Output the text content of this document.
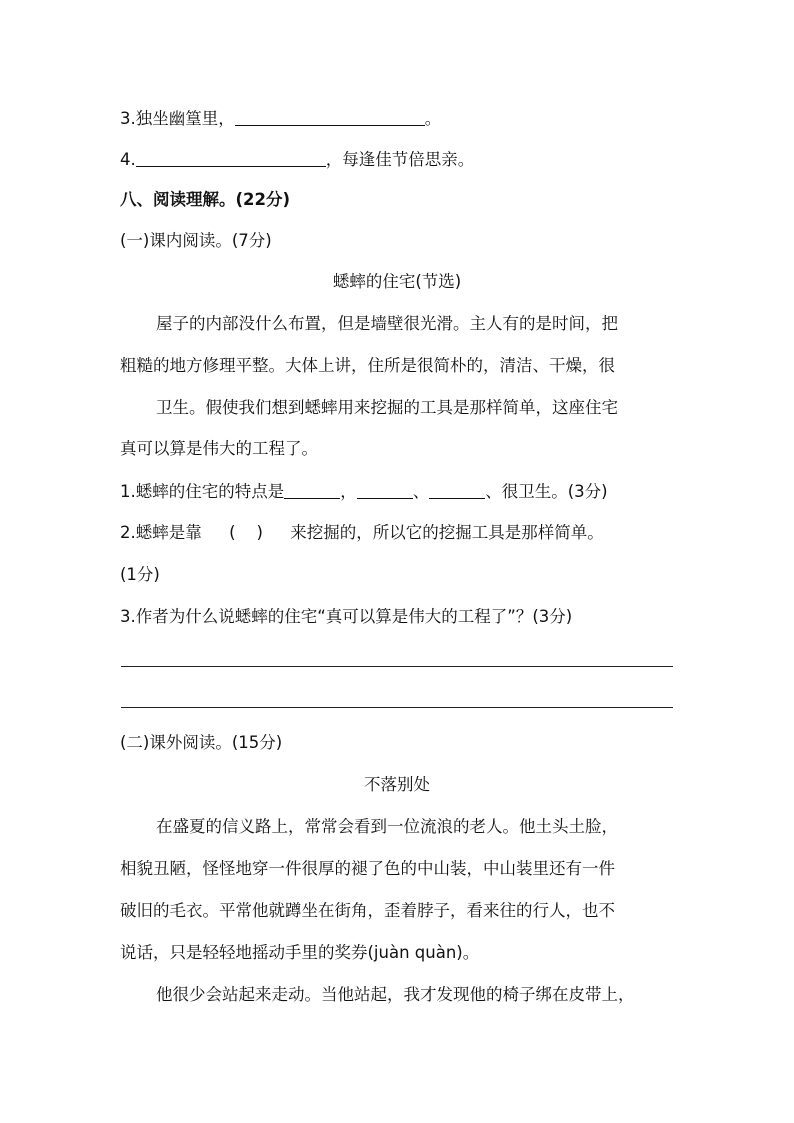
3.独坐幽篁里，	。
4.	，每逢佳节倍思亲。
八、阅读理解。(22分)
(一)课内阅读。(7分)
蟋蟀的住宅(节选)
屋子的内部没什么布置，但是墙壁很光滑。主人有的是时间，把
粗糙的地方修理平整。大体上讲，住所是很简朴的，清洁、干燥，很
卫生。假使我们想到蟋蟀用来挖掘的工具是那样简单，这座住宅
真可以算是伟大的工程了。
1.蟋蟀的住宅的特点是	，	、	、很卫生。(3分)
2.蟋蟀是靠 (    ) 来挖掘的，所以它的挖掘工具是那样简单。
(1分)
3.作者为什么说蟋蟀的住宅“真可以算是伟大的工程了”？(3分)
(二)课外阅读。(15分)
不落别处
在盛夏的信义路上，常常会看到一位流浪的老人。他土头土脸，
相貌丑陋，怪怪地穿一件很厚的褪了色的中山装，中山装里还有一件
破旧的毛衣。平常他就蹲坐在街角，歪着脖子，看来往的行人，也不
说话，只是轻轻地摇动手里的奖券(juàn quàn)。
他很少会站起来走动。当他站起，我才发现他的椅子绑在皮带上，
